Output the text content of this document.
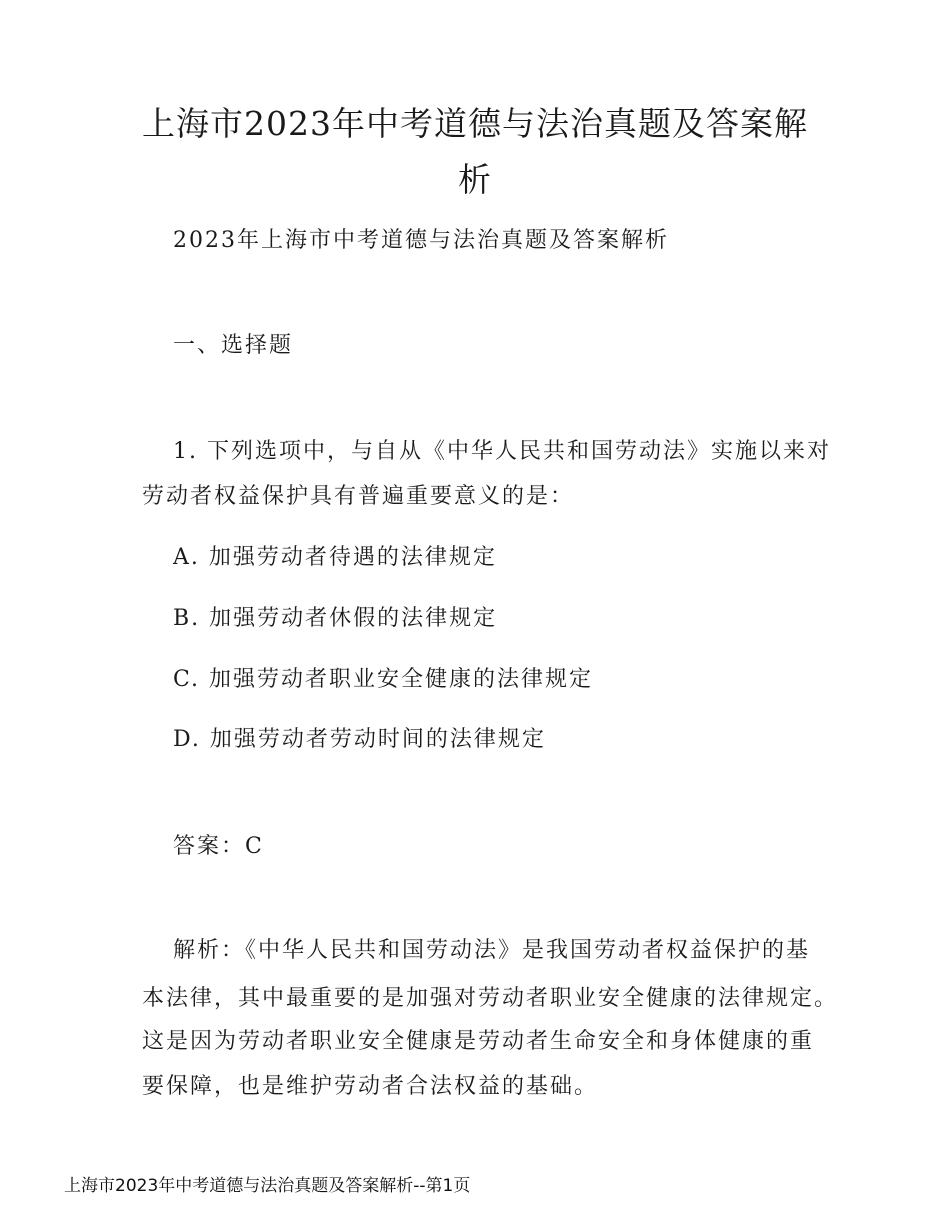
上海市2023年中考道德与法治真题及答案解
析
2023年上海市中考道德与法治真题及答案解析
一、选择题
1. 下列选项中，与自从《中华人民共和国劳动法》实施以来对
劳动者权益保护具有普遍重要意义的是：
A. 加强劳动者待遇的法律规定
B. 加强劳动者休假的法律规定
C. 加强劳动者职业安全健康的法律规定
D. 加强劳动者劳动时间的法律规定
答案：C
解析：《中华人民共和国劳动法》是我国劳动者权益保护的基
本法律，其中最重要的是加强对劳动者职业安全健康的法律规定。
这是因为劳动者职业安全健康是劳动者生命安全和身体健康的重
要保障，也是维护劳动者合法权益的基础。
上海市2023年中考道德与法治真题及答案解析--第1页
